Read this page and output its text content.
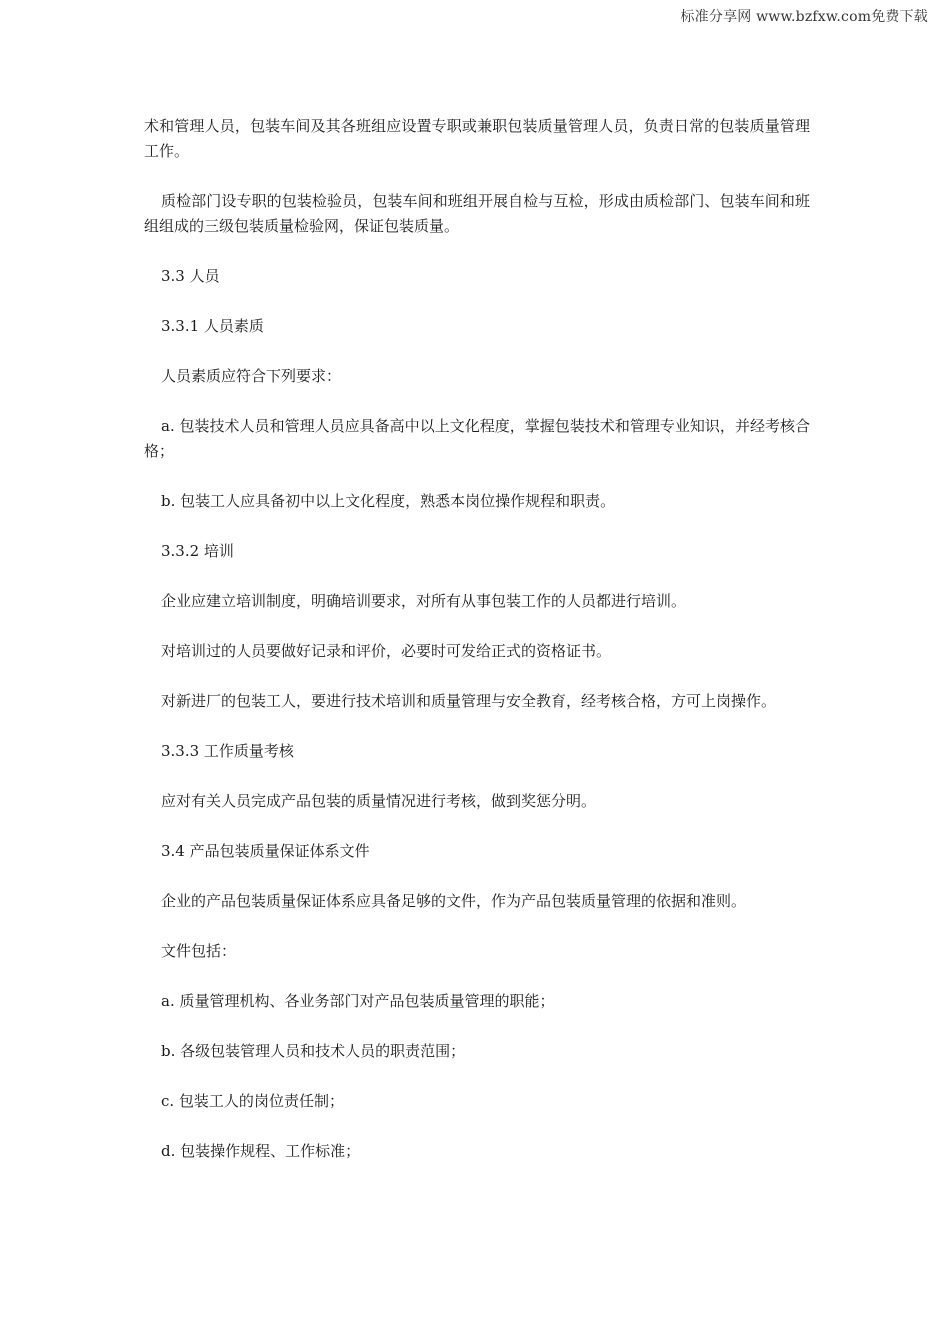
标准分享网 www.bzfxw.com免费下载

术和管理人员，包装车间及其各班组应设置专职或兼职包装质量管理人员，负责日常的包装质量管理工作。

质检部门设专职的包装检验员，包装车间和班组开展自检与互检，形成由质检部门、包装车间和班组组成的三级包装质量检验网，保证包装质量。

3.3 人员

3.3.1 人员素质

人员素质应符合下列要求：

a. 包装技术人员和管理人员应具备高中以上文化程度，掌握包装技术和管理专业知识，并经考核合格；

b. 包装工人应具备初中以上文化程度，熟悉本岗位操作规程和职责。

3.3.2 培训

企业应建立培训制度，明确培训要求，对所有从事包装工作的人员都进行培训。

对培训过的人员要做好记录和评价，必要时可发给正式的资格证书。

对新进厂的包装工人，要进行技术培训和质量管理与安全教育，经考核合格，方可上岗操作。

3.3.3 工作质量考核

应对有关人员完成产品包装的质量情况进行考核，做到奖惩分明。

3.4 产品包装质量保证体系文件

企业的产品包装质量保证体系应具备足够的文件，作为产品包装质量管理的依据和准则。

文件包括：

a. 质量管理机构、各业务部门对产品包装质量管理的职能；

b. 各级包装管理人员和技术人员的职责范围；

c. 包装工人的岗位责任制；

d. 包装操作规程、工作标准；
